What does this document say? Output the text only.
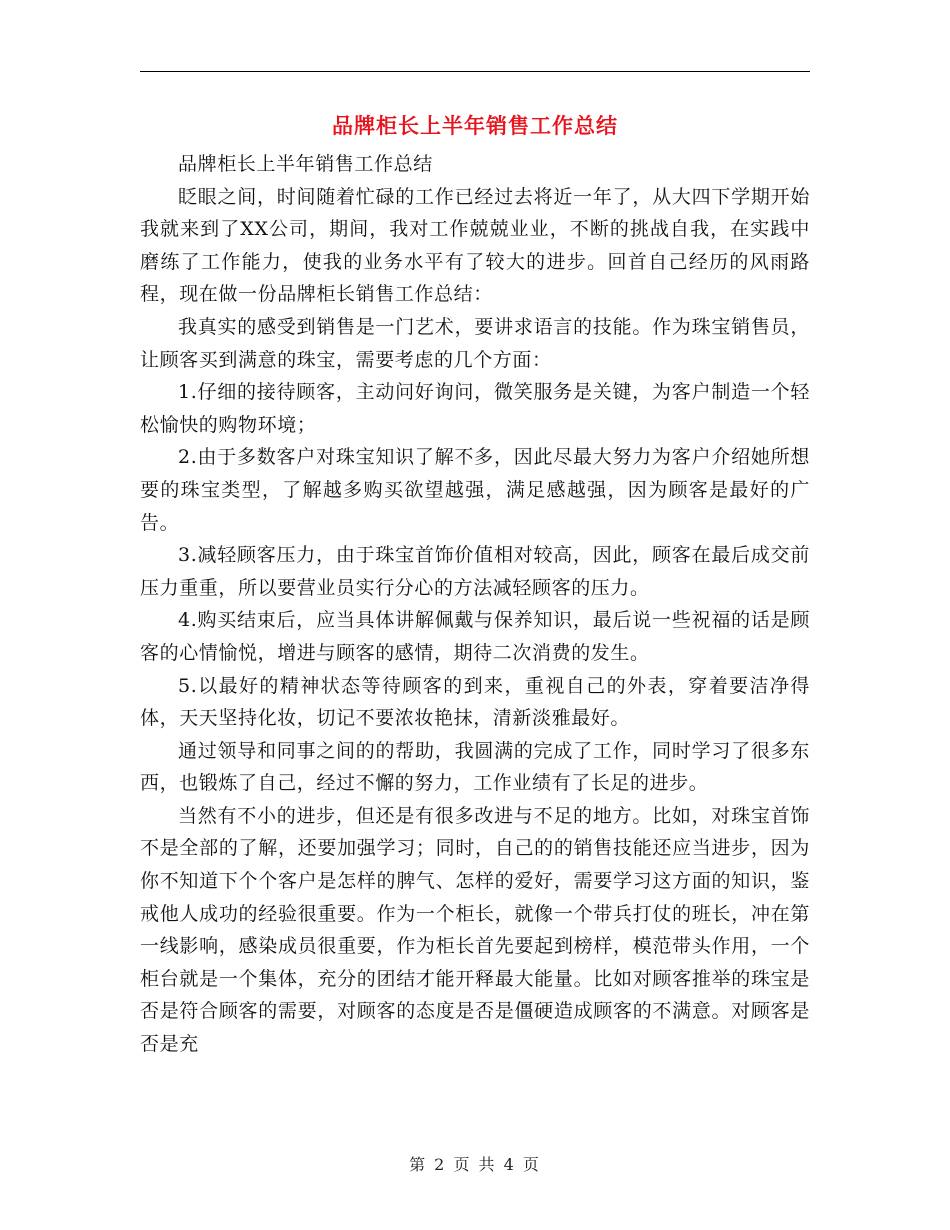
品牌柜长上半年销售工作总结

品牌柜长上半年销售工作总结

眨眼之间，时间随着忙碌的工作已经过去将近一年了，从大四下学期开始我就来到了XX公司，期间，我对工作兢兢业业，不断的挑战自我，在实践中磨练了工作能力，使我的业务水平有了较大的进步。回首自己经历的风雨路程，现在做一份品牌柜长销售工作总结：

我真实的感受到销售是一门艺术，要讲求语言的技能。作为珠宝销售员，让顾客买到满意的珠宝，需要考虑的几个方面：

1.仔细的接待顾客，主动问好询问，微笑服务是关键，为客户制造一个轻松愉快的购物环境；

2.由于多数客户对珠宝知识了解不多，因此尽最大努力为客户介绍她所想要的珠宝类型，了解越多购买欲望越强，满足感越强，因为顾客是最好的广告。

3.减轻顾客压力，由于珠宝首饰价值相对较高，因此，顾客在最后成交前压力重重，所以要营业员实行分心的方法减轻顾客的压力。

4.购买结束后，应当具体讲解佩戴与保养知识，最后说一些祝福的话是顾客的心情愉悦，增进与顾客的感情，期待二次消费的发生。

5.以最好的精神状态等待顾客的到来，重视自己的外表，穿着要洁净得体，天天坚持化妆，切记不要浓妆艳抹，清新淡雅最好。

通过领导和同事之间的的帮助，我圆满的完成了工作，同时学习了很多东西，也锻炼了自己，经过不懈的努力，工作业绩有了长足的进步。

当然有不小的进步，但还是有很多改进与不足的地方。比如，对珠宝首饰不是全部的了解，还要加强学习；同时，自己的的销售技能还应当进步，因为你不知道下个个客户是怎样的脾气、怎样的爱好，需要学习这方面的知识，鉴戒他人成功的经验很重要。作为一个柜长，就像一个带兵打仗的班长，冲在第一线影响，感染成员很重要，作为柜长首先要起到榜样，模范带头作用，一个柜台就是一个集体，充分的团结才能开释最大能量。比如对顾客推举的珠宝是否是符合顾客的需要，对顾客的态度是否是僵硬造成顾客的不满意。对顾客是否是充

第 2 页 共 4 页
